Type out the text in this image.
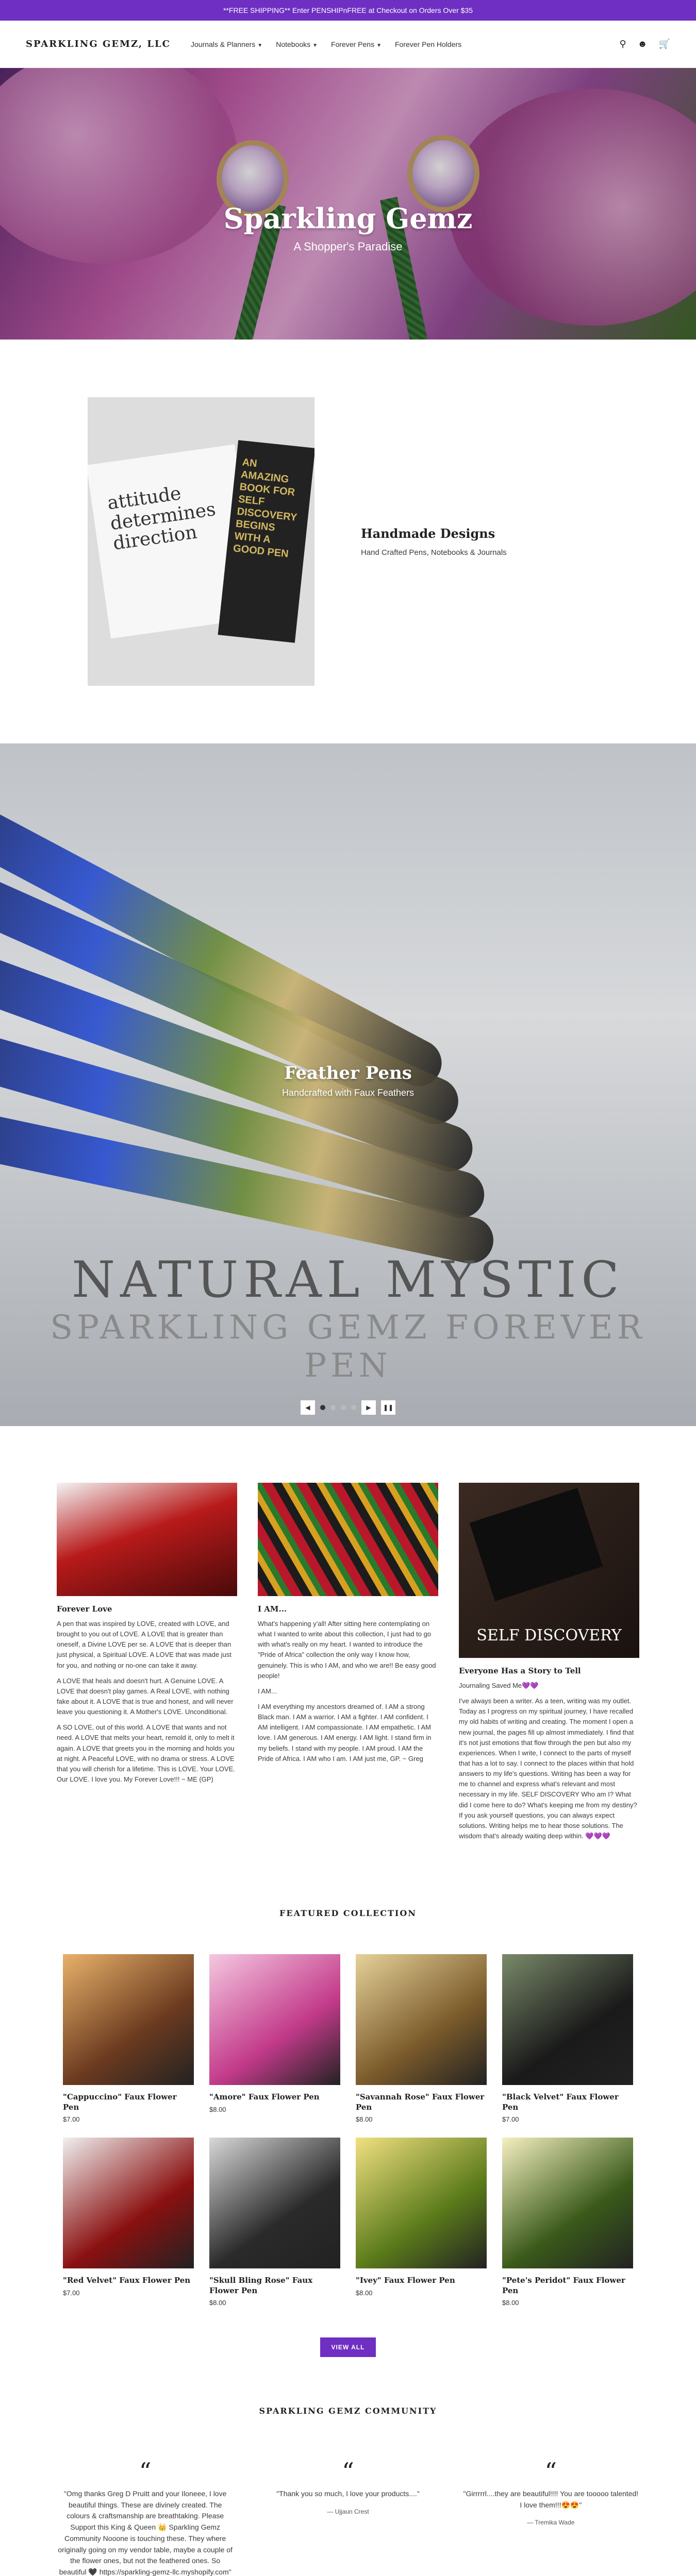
**FREE SHIPPING** Enter PENSHIPnFREE at Checkout on Orders Over $35
SPARKLING GEMZ, LLC	Journals & Planners ▼ Notebooks ▼ Forever Pens ▼ Forever Pen Holders	⚲ ☻ 🛒
Sparkling Gemz

A Shopper's Paradise

attitude determines direction
AN AMAZING BOOK FOR SELF DISCOVERY BEGINS WITH A GOOD PEN
Handmade Designs

Hand Crafted Pens, Notebooks & Journals

Feather Pens

Handcrafted with Faux Feathers

NATURAL MYSTIC
SPARKLING GEMZ FOREVER PEN
◀	▶	❚❚
Forever Love

A pen that was inspired by LOVE, created with LOVE, and brought to you out of LOVE. A LOVE that is greater than oneself, a Divine LOVE per se. A LOVE that is deeper than just physical, a Spiritual LOVE. A LOVE that was made just for you, and nothing or no-one can take it away.

A LOVE that heals and doesn't hurt. A Genuine LOVE. A LOVE that doesn't play games. A Real LOVE, with nothing fake about it. A LOVE that is true and honest, and will never leave you questioning it. A Mother's LOVE. Unconditional.

A SO LOVE, out of this world. A LOVE that wants and not need. A LOVE that melts your heart, remold it, only to melt it again. A LOVE that greets you in the morning and holds you at night. A Peaceful LOVE, with no drama or stress. A LOVE that you will cherish for a lifetime. This is LOVE. Your LOVE. Our LOVE. I love you. My Forever Love!!! ~ ME (GP)

I AM...

What's happening y'all! After sitting here contemplating on what I wanted to write about this collection, I just had to go with what's really on my heart. I wanted to introduce the "Pride of Africa" collection the only way I know how, genuinely. This is who I AM, and who we are!! Be easy good people!

I AM...

I AM everything my ancestors dreamed of. I AM a strong Black man. I AM a warrior. I AM a fighter. I AM confident. I AM intelligent. I AM compassionate. I AM empathetic. I AM love. I AM generous. I AM energy. I AM light. I stand firm in my beliefs. I stand with my people. I AM proud. I AM the Pride of Africa. I AM who I am. I AM just me, GP. ~ Greg

SELF DISCOVERY
Everyone Has a Story to Tell

Journaling Saved Me💜💜

I've always been a writer. As a teen, writing was my outlet. Today as I progress on my spiritual journey, I have recalled my old habits of writing and creating. The moment I open a new journal, the pages fill up almost immediately. I find that it's not just emotions that flow through the pen but also my experiences. When I write, I connect to the parts of myself that has a lot to say. I connect to the places within that hold answers to my life's questions. Writing has been a way for me to channel and express what's relevant and most necessary in my life. SELF DISCOVERY Who am I? What did I come here to do? What's keeping me from my destiny? If you ask yourself questions, you can always expect solutions. Writing helps me to hear those solutions. The wisdom that's already waiting deep within. 💜💜💜

FEATURED COLLECTION
"Cappuccino" Faux Flower Pen
$7.00
"Amore" Faux Flower Pen
$8.00
"Savannah Rose" Faux Flower Pen
$8.00
"Black Velvet" Faux Flower Pen
$7.00
"Red Velvet" Faux Flower Pen
$7.00
"Skull Bling Rose" Faux Flower Pen
$8.00
"Ivey" Faux Flower Pen
$8.00
"Pete's Peridot" Faux Flower Pen
$8.00
VIEW ALL
SPARKLING GEMZ COMMUNITY
“
"Omg thanks Greg D Pruitt and your Iloneee, I love beautiful things. These are divinely created. The colours & craftsmanship are breathtaking. Please Support this King & Queen 👑 Sparkling Gemz Community Nooone is touching these. They where originally going on my vendor table, maybe a couple of the flower ones, but not the feathered ones. So beautiful 🖤 https://sparkling-gemz-llc.myshopify.com"
“
"Thank you so much, I love your products...."
— Ujjaun Crest
“
"Girrrrrl....they are beautiful!!!! You are tooooo talented! I love them!!!😍😍"
— Tremika Wade
